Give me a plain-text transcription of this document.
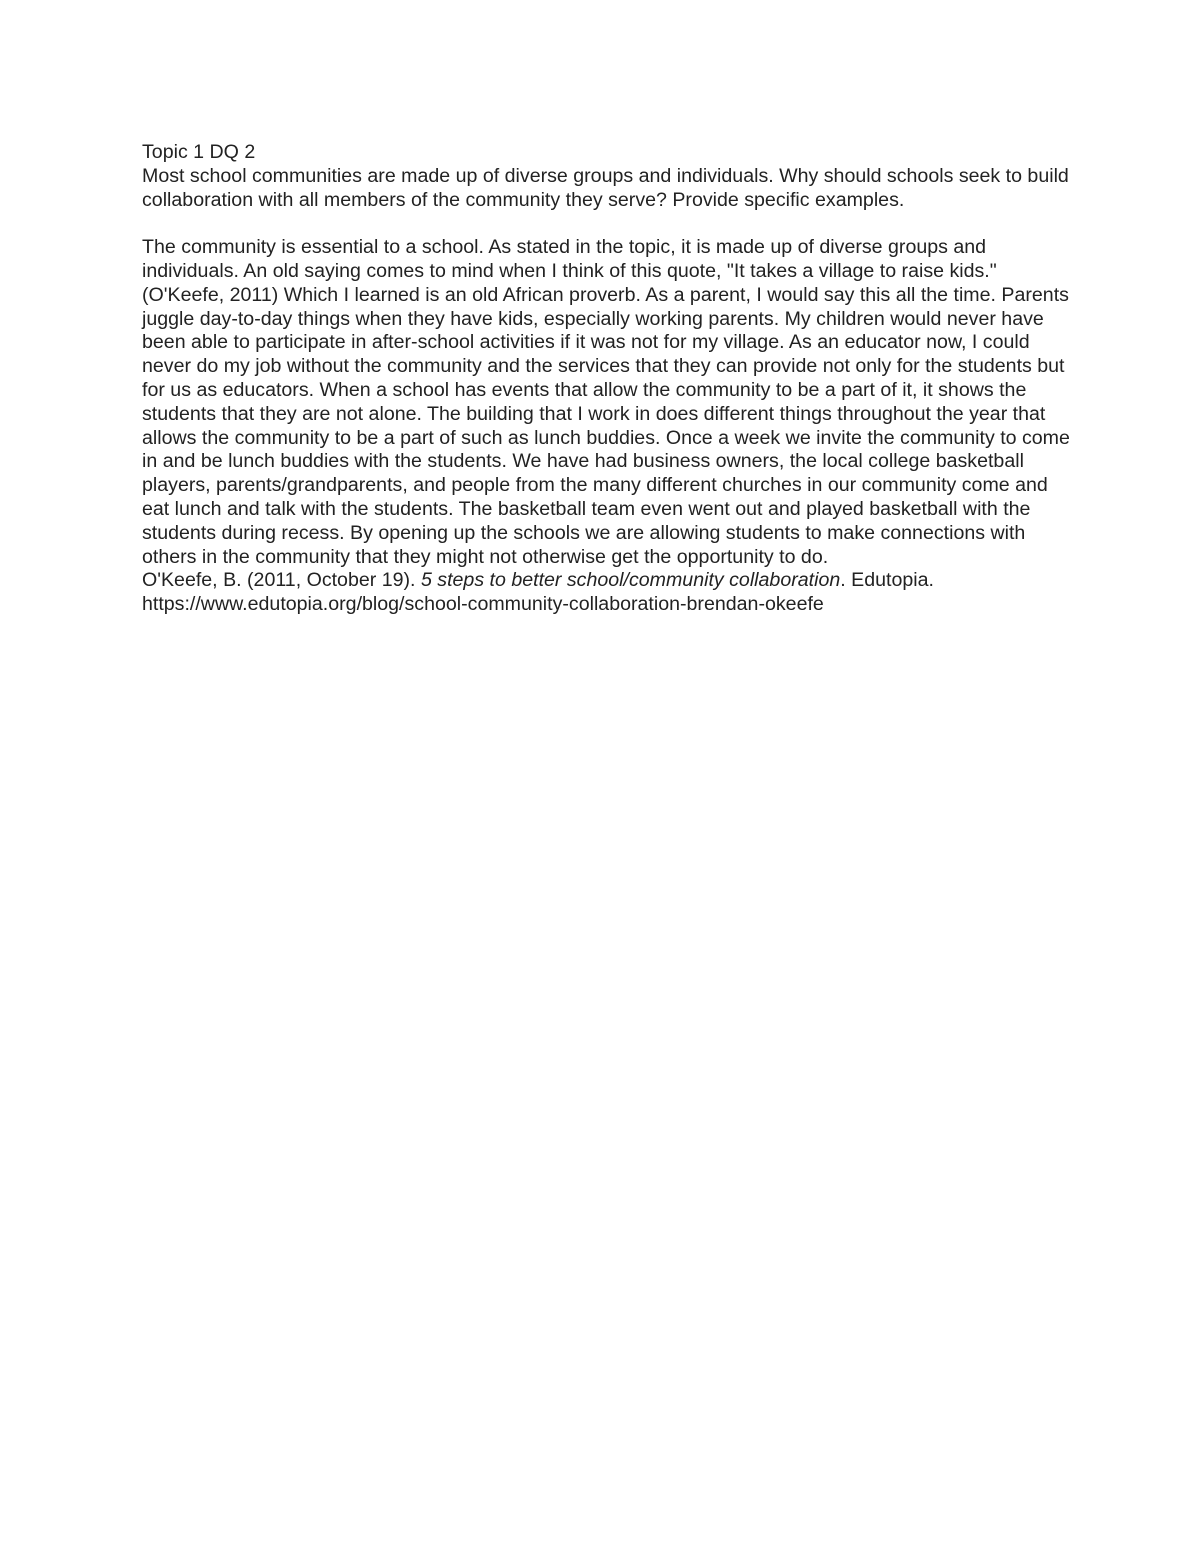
Topic 1 DQ 2

Most school communities are made up of diverse groups and individuals. Why should schools seek to build collaboration with all members of the community they serve? Provide specific examples.

The community is essential to a school. As stated in the topic, it is made up of diverse groups and individuals. An old saying comes to mind when I think of this quote, "It takes a village to raise kids." (O'Keefe, 2011) Which I learned is an old African proverb. As a parent, I would say this all the time. Parents juggle day-to-day things when they have kids, especially working parents. My children would never have been able to participate in after-school activities if it was not for my village. As an educator now, I could never do my job without the community and the services that they can provide not only for the students but for us as educators. When a school has events that allow the community to be a part of it, it shows the students that they are not alone. The building that I work in does different things throughout the year that allows the community to be a part of such as lunch buddies. Once a week we invite the community to come in and be lunch buddies with the students. We have had business owners, the local college basketball players, parents/grandparents, and people from the many different churches in our community come and eat lunch and talk with the students. The basketball team even went out and played basketball with the students during recess. By opening up the schools we are allowing students to make connections with others in the community that they might not otherwise get the opportunity to do.

O'Keefe, B. (2011, October 19). 5 steps to better school/community collaboration. Edutopia.

https://www.edutopia.org/blog/school-community-collaboration-brendan-okeefe
